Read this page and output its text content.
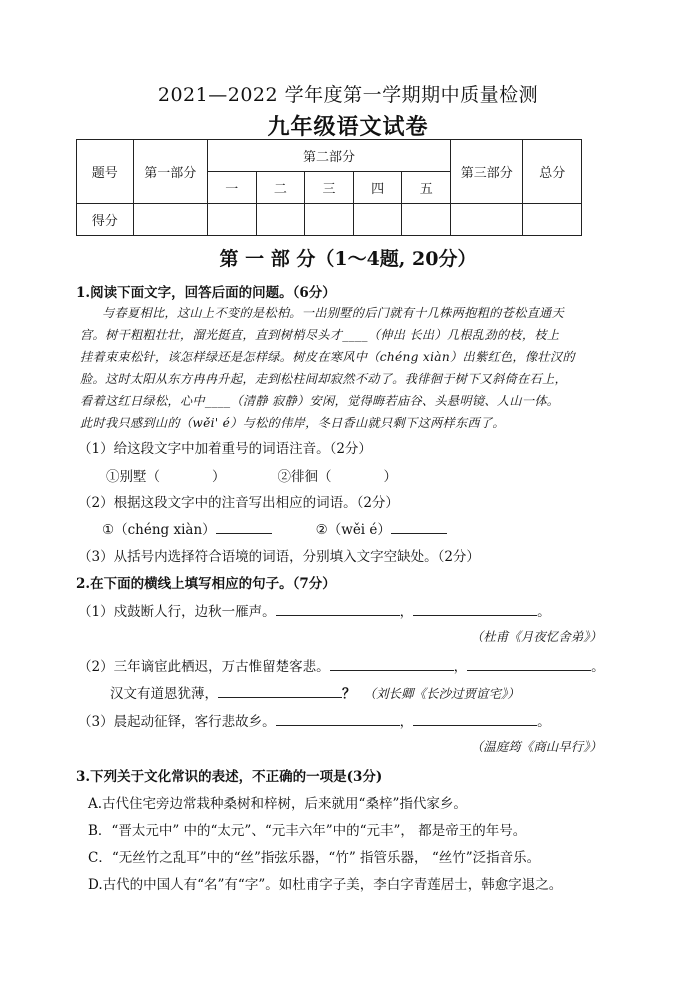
2021—2022 学年度第一学期期中质量检测
九年级语文试卷
题号	第一部分	第二部分					第三部分	总分
		一	二	三	四	五		
得分								
第 一 部 分（1～4题, 20分）
1.阅读下面文字，回答后面的问题。（6分）
与春夏相比，这山上不变的是松柏。一出别墅的后门就有十几株两抱粗的苍松直通天
宫。树干粗粗壮壮，溜光挺直，直到树梢尽头才____（伸出 长出）几根乱劲的枝，枝上
挂着束束松针，该怎样绿还是怎样绿。树皮在寒风中（chéng xiàn）出紫红色，像壮汉的
脸。这时太阳从东方冉冉升起，走到松柱间却寂然不动了。我徘徊于树下又斜倚在石上，
看着这红日绿松，心中____（清静 寂静）安闲，觉得晦若庙谷、头悬明镜、人山一体。
此时我只感到山的（wěi' é）与松的伟岸，冬日香山就只剩下这两样东西了。
（1）给这段文字中加着重号的词语注音。（2分）
①别墅（	）	②徘徊（	）
（2）根据这段文字中的注音写出相应的词语。（2分）
①（chéng xiàn）	②（wěi é）
（3）从括号内选择符合语境的词语，分别填入文字空缺处。（2分）
2.在下面的横线上填写相应的句子。（7分）
（1）戍鼓断人行，边秋一雁声。	，	。
（杜甫《月夜忆舍弟》）
（2）三年谪宦此栖迟，万古惟留楚客悲。	，	。
汉文有道恩犹薄，	？ （刘长卿《长沙过贾谊宅》）
（3）晨起动征铎，客行悲故乡。	，	。
（温庭筠《商山早行》）
3.下列关于文化常识的表述，不正确的一项是(3分)
A.古代住宅旁边常栽种桑树和梓树，后来就用“桑梓”指代家乡。
B．“晋太元中” 中的“太元”、“元丰六年”中的“元丰”， 都是帝王的年号。
C．“无丝竹之乱耳”中的“丝”指弦乐器，“竹” 指管乐器， “丝竹”泛指音乐。
D.古代的中国人有“名”有“字”。如杜甫字子美，李白字青莲居士，韩愈字退之。
